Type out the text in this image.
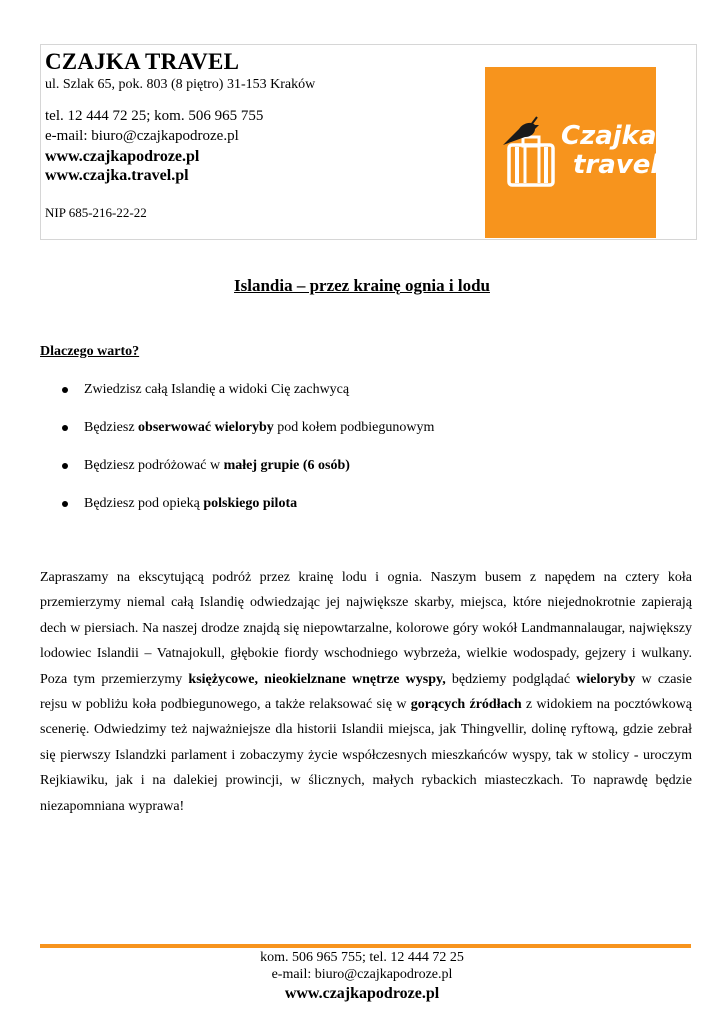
CZAJKA TRAVEL
ul. Szlak 65, pok. 803 (8 piętro) 31-153 Kraków
tel. 12 444 72 25; kom. 506 965 755
e-mail: biuro@czajkapodroze.pl
www.czajkapodroze.pl
www.czajka.travel.pl
NIP 685-216-22-22
Czajka
travel
Islandia – przez krainę ognia i lodu
Dlaczego warto?
Zwiedzisz całą Islandię a widoki Cię zachwycą
Będziesz obserwować wieloryby pod kołem podbiegunowym
Będziesz podróżować w małej grupie (6 osób)
Będziesz pod opieką polskiego pilota

Zapraszamy na ekscytującą podróż przez krainę lodu i ognia. Naszym busem z napędem na cztery koła przemierzymy niemal całą Islandię odwiedzając jej największe skarby, miejsca, które niejednokrotnie zapierają dech w piersiach. Na naszej drodze znajdą się niepowtarzalne, kolorowe góry wokół Landmannalaugar, największy lodowiec Islandii – Vatnajokull, głębokie fiordy wschodniego wybrzeża, wielkie wodospady, gejzery i wulkany. Poza tym przemierzymy księżycowe, nieokielznane wnętrze wyspy, będziemy podglądać wieloryby w czasie rejsu w pobliżu koła podbiegunowego, a także relaksować się w gorących źródłach z widokiem na pocztówkową scenerię. Odwiedzimy też najważniejsze dla historii Islandii miejsca, jak Thingvellir, dolinę ryftową, gdzie zebrał się pierwszy Islandzki parlament i zobaczymy życie współczesnych mieszkańców wyspy, tak w stolicy - uroczym Rejkiawiku, jak i na dalekiej prowincji, w ślicznych, małych rybackich miasteczkach. To naprawdę będzie niezapomniana wyprawa!

kom. 506 965 755; tel. 12 444 72 25
e-mail: biuro@czajkapodroze.pl
www.czajkapodroze.pl
